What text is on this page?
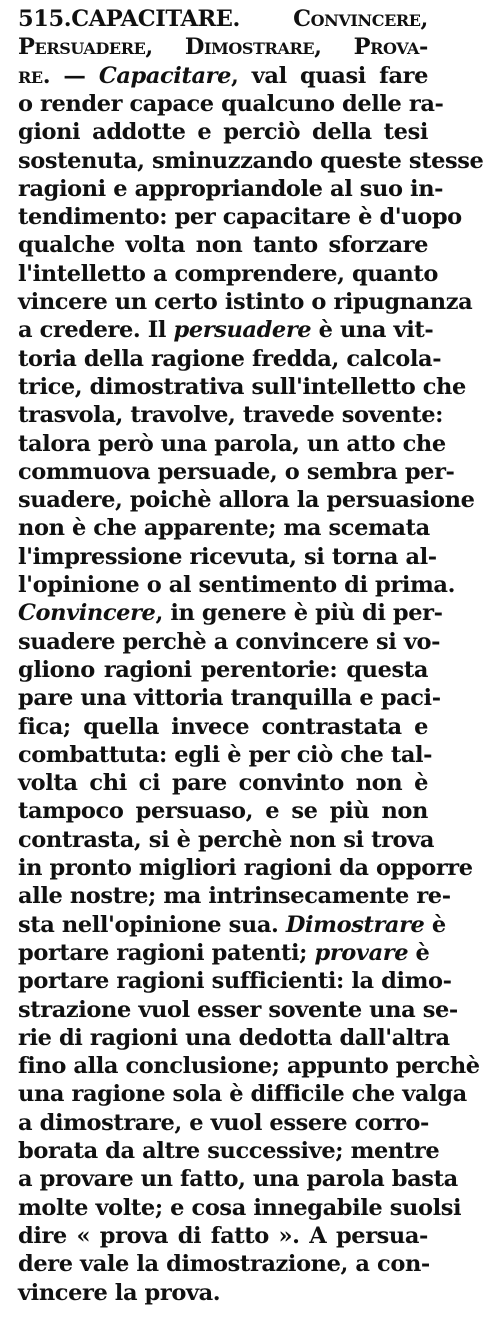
515.CAPACITARE. Convincere,
Persuadere, Dimostrare, Prova-
re. — Capacitare, val quasi fare
o render capace qualcuno delle ra-
gioni addotte e perciò della tesi
sostenuta, sminuzzando queste stesse
ragioni e appropriandole al suo in-
tendimento: per capacitare è d'uopo
qualche volta non tanto sforzare
l'intelletto a comprendere, quanto
vincere un certo istinto o ripugnanza
a credere. Il persuadere è una vit-
toria della ragione fredda, calcola-
trice, dimostrativa sull'intelletto che
trasvola, travolve, travede sovente:
talora però una parola, un atto che
commuova persuade, o sembra per-
suadere, poichè allora la persuasione
non è che apparente; ma scemata
l'impressione ricevuta, si torna al-
l'opinione o al sentimento di prima.
Convincere, in genere è più di per-
suadere perchè a convincere si vo-
gliono ragioni perentorie: questa
pare una vittoria tranquilla e paci-
fica; quella invece contrastata e
combattuta: egli è per ciò che tal-
volta chi ci pare convinto non è
tampoco persuaso, e se più non
contrasta, si è perchè non si trova
in pronto migliori ragioni da opporre
alle nostre; ma intrinsecamente re-
sta nell'opinione sua. Dimostrare è
portare ragioni patenti; provare è
portare ragioni sufficienti: la dimo-
strazione vuol esser sovente una se-
rie di ragioni una dedotta dall'altra
fino alla conclusione; appunto perchè
una ragione sola è difficile che valga
a dimostrare, e vuol essere corro-
borata da altre successive; mentre
a provare un fatto, una parola basta
molte volte; e cosa innegabile suolsi
dire « prova di fatto ». A persua-
dere vale la dimostrazione, a con-
vincere la prova.
